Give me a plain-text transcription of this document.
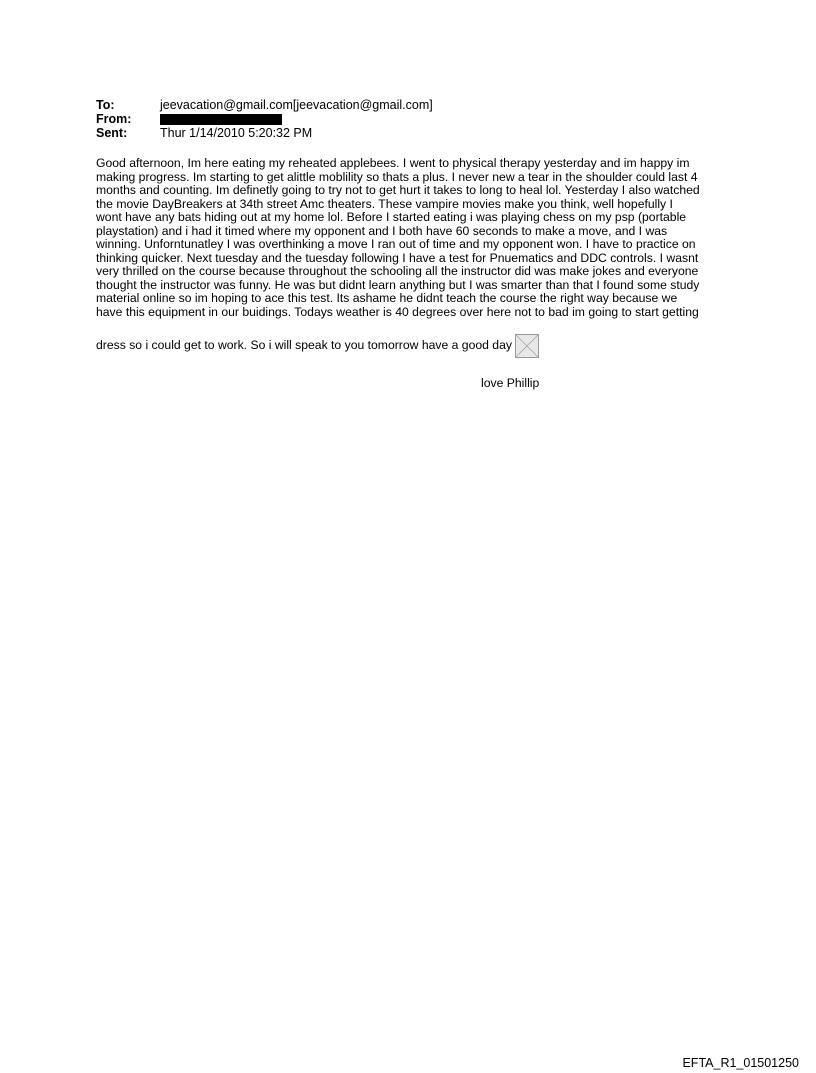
To:	jeevacation@gmail.com[jeevacation@gmail.com]
From:
Sent:	Thur 1/14/2010 5:20:32 PM
Good afternoon, Im here eating my reheated applebees. I went to physical therapy yesterday and im happy im
making progress. Im starting to get alittle moblility so thats a plus. I never new a tear in the shoulder could last 4
months and counting. Im definetly going to try not to get hurt it takes to long to heal lol. Yesterday I also watched
the movie DayBreakers at 34th street Amc theaters. These vampire movies make you think, well hopefully I
wont have any bats hiding out at my home lol. Before I started eating i was playing chess on my psp (portable
playstation) and i had it timed where my opponent and I both have 60 seconds to make a move, and I was
winning. Unforntunatley I was overthinking a move I ran out of time and my opponent won. I have to practice on
thinking quicker. Next tuesday and the tuesday following I have a test for Pnuematics and DDC controls. I wasnt
very thrilled on the course because throughout the schooling all the instructor did was make jokes and everyone
thought the instructor was funny. He was but didnt learn anything but I was smarter than that I found some study
material online so im hoping to ace this test. Its ashame he didnt teach the course the right way because we
have this equipment in our buidings. Todays weather is 40 degrees over here not to bad im going to start getting
dress so i could get to work. So i will speak to you tomorrow have a good day
love Phillip
EFTA_R1_01501250
